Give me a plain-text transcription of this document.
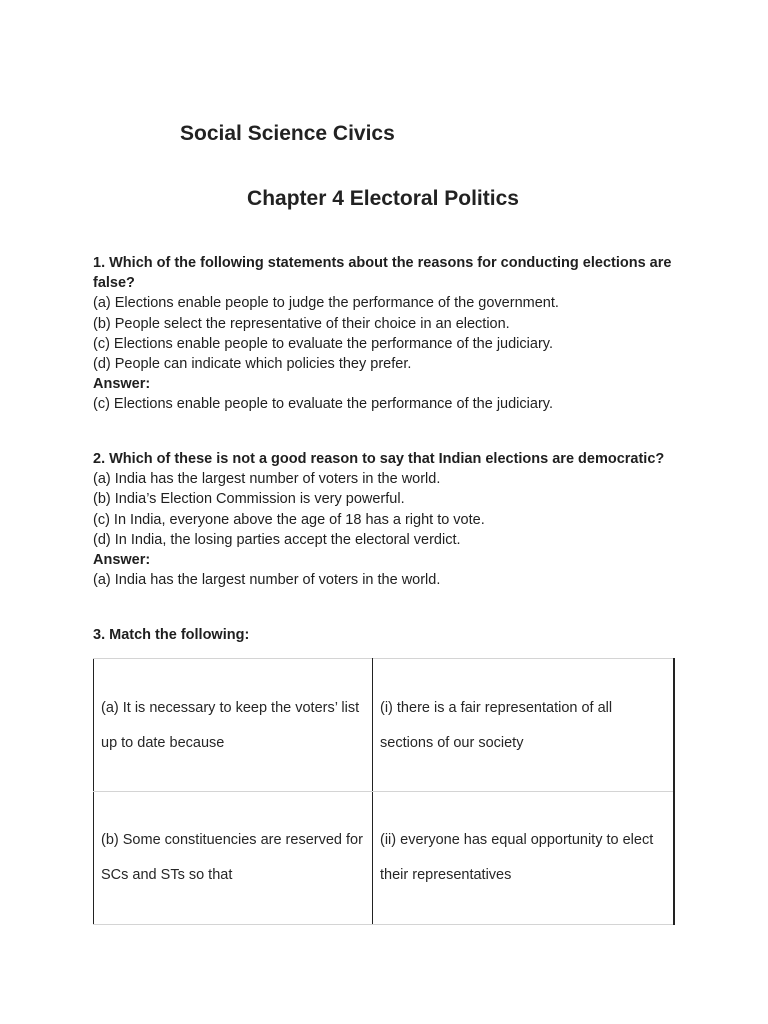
Social Science Civics
Chapter 4 Electoral Politics
1. Which of the following statements about the reasons for conducting elections are false?
(a) Elections enable people to judge the performance of the government.
(b) People select the representative of their choice in an election.
(c) Elections enable people to evaluate the performance of the judiciary.
(d) People can indicate which policies they prefer.
Answer:
(c) Elections enable people to evaluate the performance of the judiciary.
2. Which of these is not a good reason to say that Indian elections are democratic?
(a) India has the largest number of voters in the world.
(b) India’s Election Commission is very powerful.
(c) In India, everyone above the age of 18 has a right to vote.
(d) In India, the losing parties accept the electoral verdict.
Answer:
(a) India has the largest number of voters in the world.
3. Match the following:
(a) It is necessary to keep the voters’ list up to date because	(i) there is a fair representation of all sections of our society
(b) Some constituencies are reserved for SCs and STs so that	(ii) everyone has equal opportunity to elect their representatives
